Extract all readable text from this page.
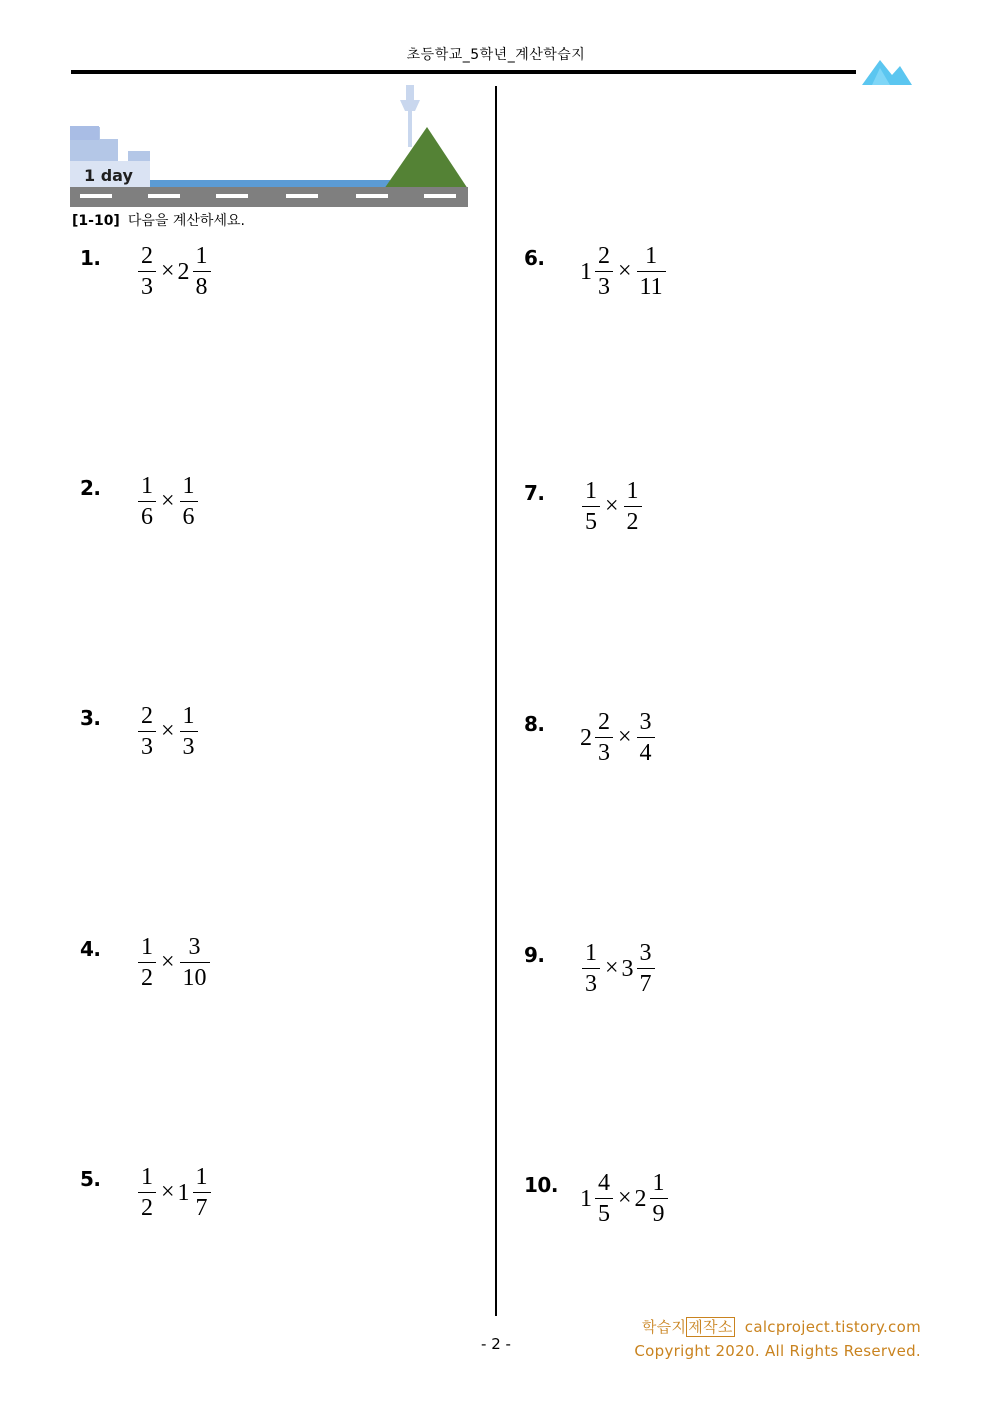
초등학교_5학년_계산학습지
1 day
[1-10] 다음을 계산하세요.
1. $\frac{2}{3} \times 2 \frac{1}{8}$
2. $\frac{1}{6} \times \frac{1}{6}$
3. $\frac{2}{3} \times \frac{1}{3}$
4. $\frac{1}{2} \times \frac{3}{10}$
5. $\frac{1}{2} \times 1 \frac{1}{7}$
6.
$1 \frac{2}{3} \times \frac{1}{11}$
7. $\frac{1}{5} \times \frac{1}{2}$
8.
$2 \frac{2}{3} \times \frac{3}{4}$
9. $\frac{1}{3} \times 3 \frac{3}{7}$
10.
$1 \frac{4}{5} \times 2 \frac{1}{9}$
학습지 제작소 calcproject.tistory.com
Copyright 2020. All Rights Reserved.
- 2 -
